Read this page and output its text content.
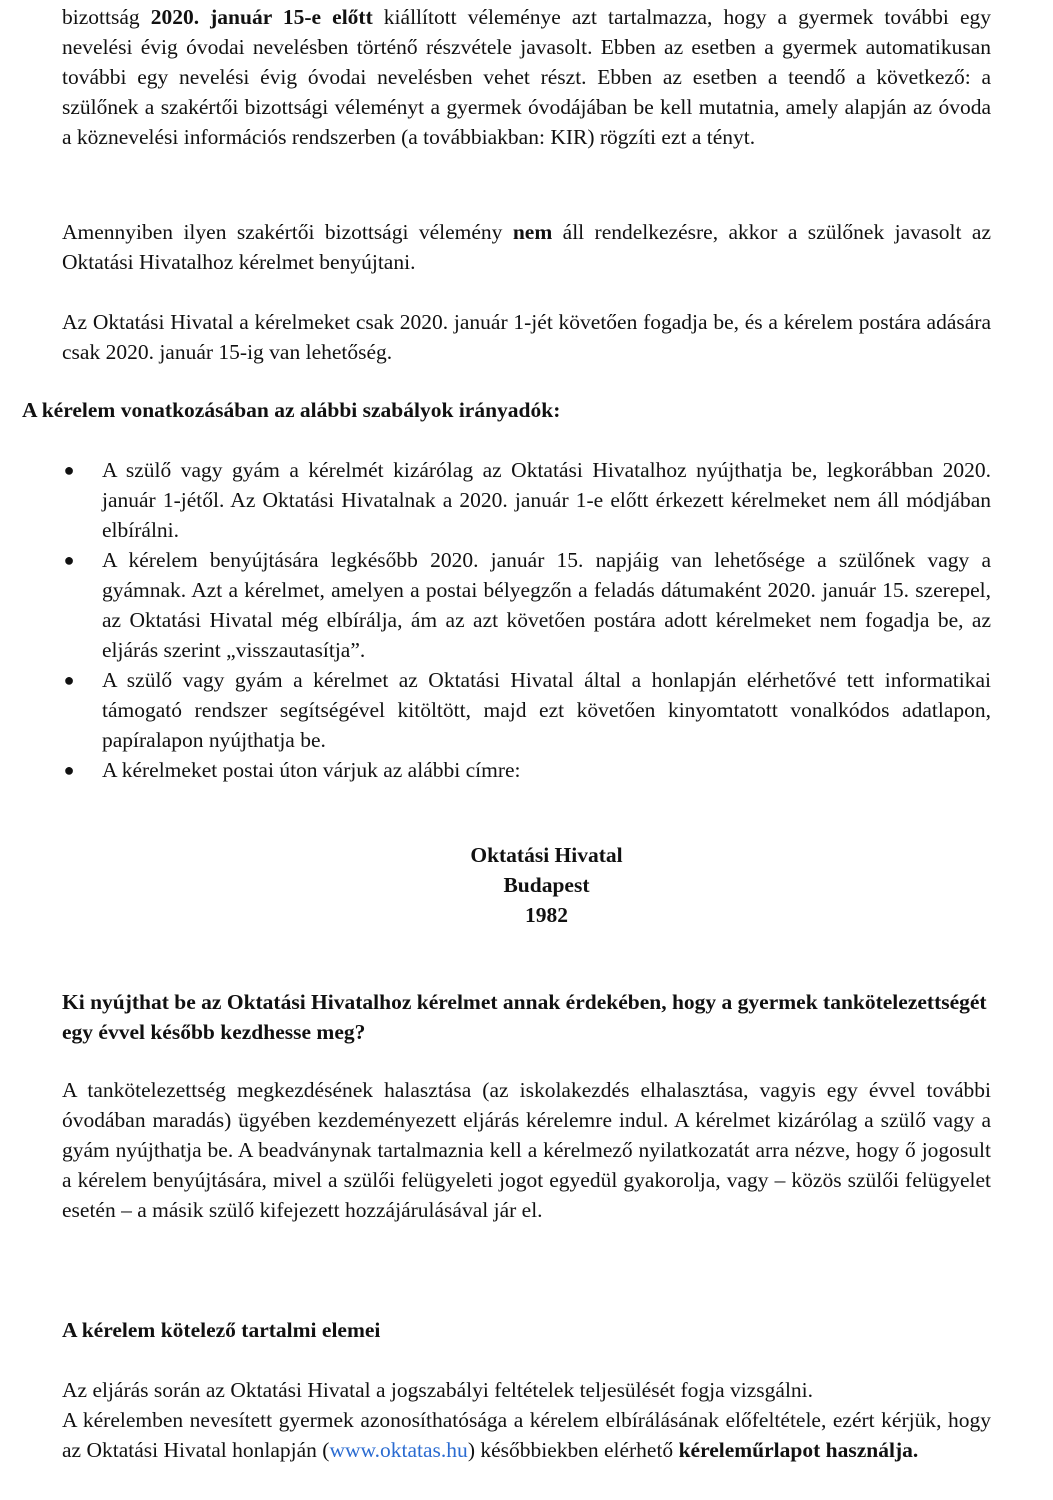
bizottság 2020. január 15-e előtt kiállított véleménye azt tartalmazza, hogy a gyermek további egy nevelési évig óvodai nevelésben történő részvétele javasolt. Ebben az esetben a gyermek automatikusan további egy nevelési évig óvodai nevelésben vehet részt. Ebben az esetben a teendő a következő: a szülőnek a szakértői bizottsági véleményt a gyermek óvodájában be kell mutatnia, amely alapján az óvoda a köznevelési információs rendszerben (a továbbiakban: KIR) rögzíti ezt a tényt.
Amennyiben ilyen szakértői bizottsági vélemény nem áll rendelkezésre, akkor a szülőnek javasolt az Oktatási Hivatalhoz kérelmet benyújtani.
Az Oktatási Hivatal a kérelmeket csak 2020. január 1-jét követően fogadja be, és a kérelem postára adására csak 2020. január 15-ig van lehetőség.
A kérelem vonatkozásában az alábbi szabályok irányadók:
● A szülő vagy gyám a kérelmét kizárólag az Oktatási Hivatalhoz nyújthatja be, legkorábban 2020. január 1-jétől. Az Oktatási Hivatalnak a 2020. január 1-e előtt érkezett kérelmeket nem áll módjában elbírálni.
● A kérelem benyújtására legkésőbb 2020. január 15. napjáig van lehetősége a szülőnek vagy a gyámnak. Azt a kérelmet, amelyen a postai bélyegzőn a feladás dátumaként 2020. január 15. szerepel, az Oktatási Hivatal még elbírálja, ám az azt követően postára adott kérelmeket nem fogadja be, az eljárás szerint „visszautasítja”.
● A szülő vagy gyám a kérelmet az Oktatási Hivatal által a honlapján elérhetővé tett informatikai támogató rendszer segítségével kitöltött, majd ezt követően kinyomtatott vonalkódos adatlapon, papíralapon nyújthatja be.
● A kérelmeket postai úton várjuk az alábbi címre:
Oktatási Hivatal
Budapest
1982
Ki nyújthat be az Oktatási Hivatalhoz kérelmet annak érdekében, hogy a gyermek tankötelezettségét egy évvel később kezdhesse meg?
A tankötelezettség megkezdésének halasztása (az iskolakezdés elhalasztása, vagyis egy évvel további óvodában maradás) ügyében kezdeményezett eljárás kérelemre indul. A kérelmet kizárólag a szülő vagy a gyám nyújthatja be. A beadványnak tartalmaznia kell a kérelmező nyilatkozatát arra nézve, hogy ő jogosult a kérelem benyújtására, mivel a szülői felügyeleti jogot egyedül gyakorolja, vagy – közös szülői felügyelet esetén – a másik szülő kifejezett hozzájárulásával jár el.
A kérelem kötelező tartalmi elemei
Az eljárás során az Oktatási Hivatal a jogszabályi feltételek teljesülését fogja vizsgálni.
A kérelemben nevesített gyermek azonosíthatósága a kérelem elbírálásának előfeltétele, ezért kérjük, hogy az Oktatási Hivatal honlapján (www.oktatas.hu) későbbiekben elérhető kéreleműrlapot használja.
